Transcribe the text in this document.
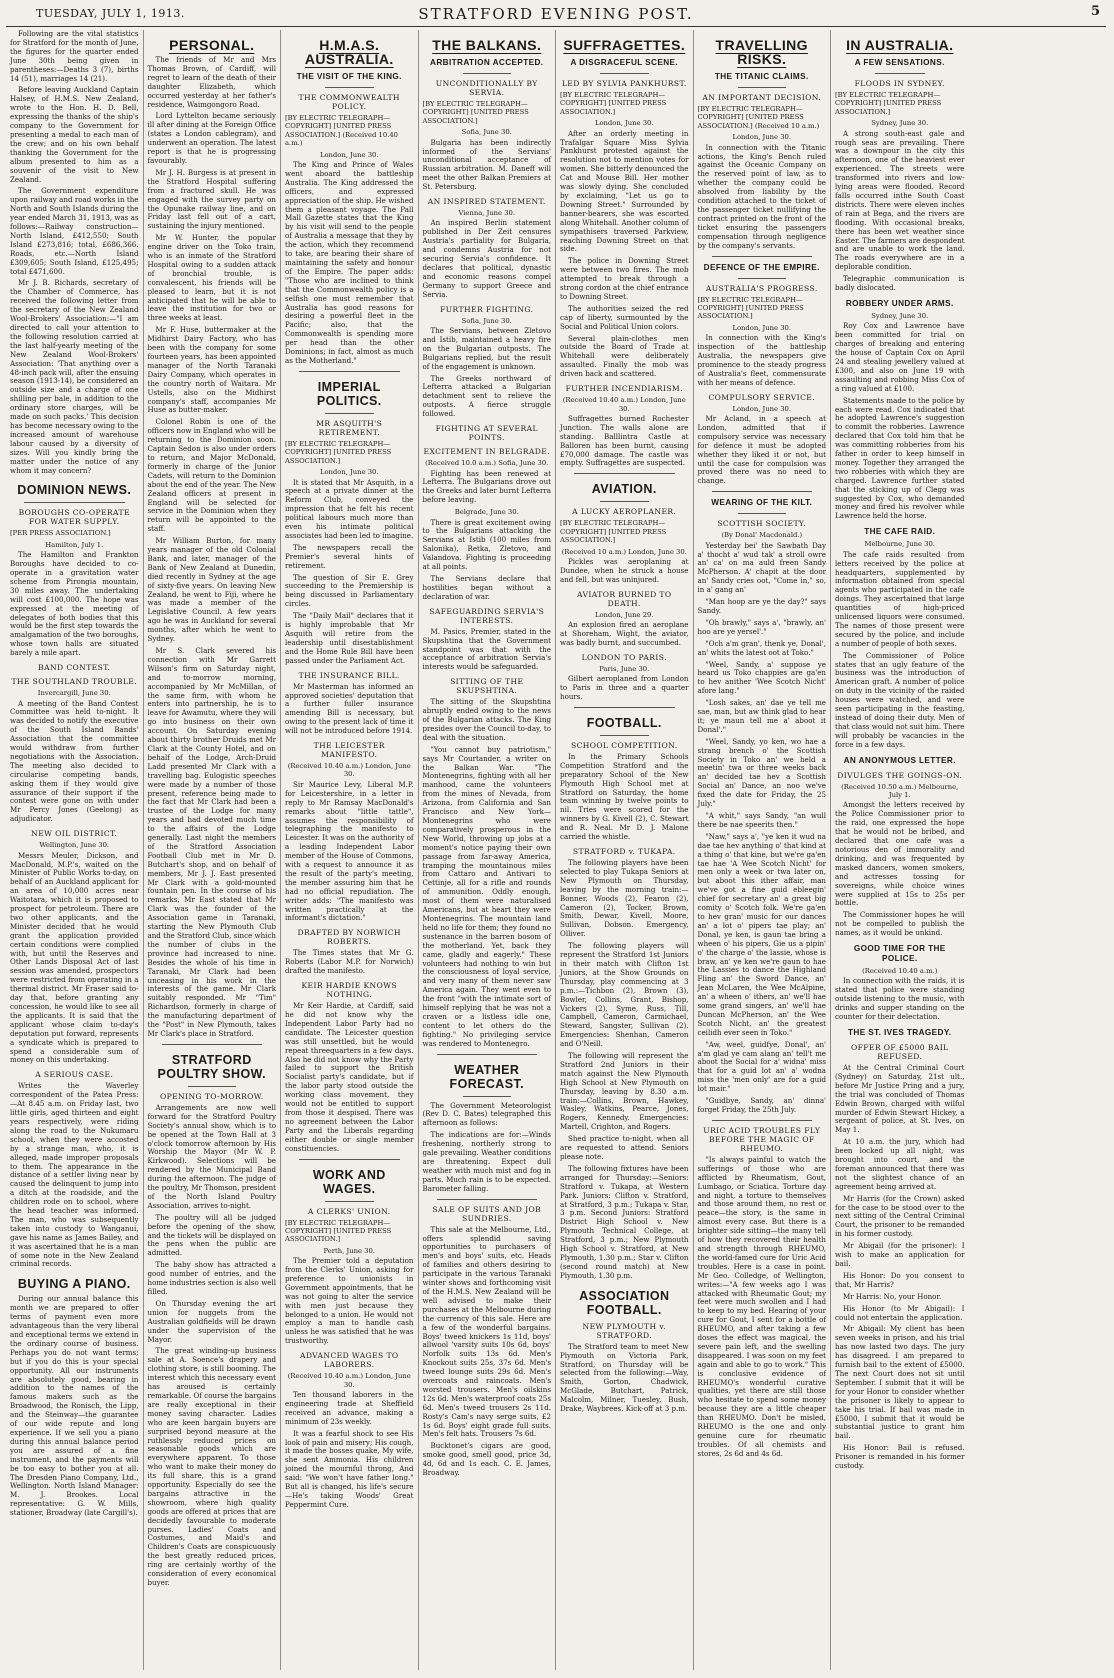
TUESDAY, JULY 1, 1913.	STRATFORD EVENING POST.	5

Following are the vital statistics for Stratford for the month of June, the figures for the quarter ended June 30th being given in parentheses:—Deaths 3 (7), births 14 (51), marriages 14 (21).

Before leaving Auckland Captain Halsey, of H.M.S. New Zealand, wrote to the Hon. H. D. Bell, expressing the thanks of the ship's company to the Government for presenting a medal to each man of the crew; and on his own behalf thanking the Government for the album presented to him as a souvenir of the visit to New Zealand.

The Government expenditure upon railway and road works in the North and South Islands during the year ended March 31, 1913, was as follows:—Railway construction—North Island, £412,550; South Island £273,816; total, £686,366. Roads, etc.—North Island £309,605; South Island, £125,495; total £471,600.

Mr J. B. Richards, secretary of the Chamber of Commerce, has received the following letter from the secretary of the New Zealand Wool-Brokers' Association:—"I am directed to call your attention to the following resolution carried at the last half-yearly meeting of the New Zealand Wool-Brokers' Association: 'That anything over a 48-inch pack will, after the ensuing season (1913-14), be considered an outside size and a charge of one shilling per bale, in addition to the ordinary store charges, will be made on such packs.' This decision has become necessary owing to the increased amount of warehouse labour caused by a diversity of sizes. Will you kindly bring the matter under the notice of any whom it may concern?

DOMINION NEWS.
BOROUGHS CO-OPERATE FOR WATER SUPPLY.
[PER PRESS ASSOCIATION.]
Hamilton, July 1.

The Hamilton and Frankton Boroughs have decided to co-operate in a gravitation water scheme from Pirongia mountain, 30 miles away. The undertaking will cost £100,000. The hope was expressed at the meeting of delegates of both bodies that this would be the first step towards the amalgamation of the two boroughs, whose town halls are situated barely a mile apart.

BAND CONTEST.
THE SOUTHLAND TROUBLE.
Invercargill, June 30.

A meeting of the Band Contest Committee was held to-night. It was decided to notify the executive of the South Island Bands' Association that the committee would withdraw from further negotiations with the Association. The meeting also decided to circularise competing bands, asking them if they would give assurance of their support if the contest were gone on with under Mr Percy Jones (Geelong) as adjudicator.

NEW OIL DISTRICT.
Wellington, June 30.

Messrs Meuler, Dickson, and MacDonald, M.P.'s, waited on the Minister of Public Works to-day, on behalf of an Auckland applicant for an area of 10,000 acres near Waitotara, which it is proposed to prospect for petroleum. There are two other applicants, and the Minister decided that he would grant the application provided certain conditions were complied with, but until the Reserves and Other Lands Disposal Act of last session was amended, prospectors were restricted from operating in a thermal district. Mr Fraser said to-day that, before granting any concession, he would like to see all the applicants. It is said that the applicant whose claim to-day's deputation put forward, represents a syndicate which is prepared to spend a considerable sum of money on this undertaking.

A SERIOUS CASE.

Writes the Waverley correspondent of the Patea Press:—At 8.45 a.m. on Friday last, two little girls, aged thirteen and eight years respectively, were riding along the road to the Nukumaru school, when they were accosted by a strange man, who, it is alleged, made improper proposals to them. The appearance in the distance of a settler living near by caused the delinquent to jump into a ditch at the roadside, and the children rode on to school, where the head teacher was informed. The man, who was subsequently taken into custody to Wanganui, gave his name as James Bailey, and it was ascertained that he is a man of some note in the New Zealand criminal records.

BUYING A PIANO.

During our annual balance this month we are prepared to offer terms of payment even more advantageous than the very liberal and exceptional terms we extend in the ordinary course of business. Perhaps you do not want terms; but if you do this is your special opportunity. All our instruments are absolutely good, bearing in addition to the names of the famous makers such as the Broadwood, the Ronisch, the Lipp, and the Steinway—the guarantee of our wide repute and long experience. If we sell you a piano during this annual balance period you are assured of a fine instrument, and the payments will be too easy to bother you at all. The Dresden Piano Company, Ltd., Wellington. North Island Manager: M. J. Brookes. Local representative: G. W. Mills, stationer, Broadway (late Cargill's).

PERSONAL.

The friends of Mr and Mrs Thomas Brown, of Cardiff, will regret to learn of the death of their daughter Elizabeth, which occurred yesterday at her father's residence, Waimgongoro Road.

Lord Lyttelton became seriously ill after dining at the Foreign Office (states a London cablegram), and underwent an operation. The latest report is that he is progressing favourably.

Mr J. H. Burgess is at present in the Stratford Hospital suffering from a fractured skull. He was engaged with the survey party on the Opunake railway line, and on Friday last fell out of a cart, sustaining the injury mentioned.

Mr W. Hunter, the popular engine driver on the Toko train, who is an inmate of the Stratford Hospital owing to a sudden attack of bronchial trouble, is convalescent, his friends will be pleased to learn, but it is not anticipated that he will be able to leave the institution for two or three weeks at least.

Mr F. Huse, buttermaker at the Midhirst Dairy Factory, who has been with the company for some fourteen years, has been appointed manager of the North Taranaki Dairy Company, which operates in the country north of Waitara. Mr Ustells, also on the Midhirst company's staff, accompanies Mr Huse as butter-maker.

Colonel Robin is one of the officers now in England who will be returning to the Dominion soon. Captain Sedon is also under orders to return, and Major McDonald, formerly in charge of the Junior Cadets, will return to the Dominion about the end of the year. The New Zealand officers at present in England will be selected for service in the Dominion when they return will be appointed to the staff.

Mr William Burton, for many years manager of the old Colonial Bank, and later, manager of the Bank of New Zealand at Dunedin, died recently in Sydney at the age of sixty-five years. On leaving New Zealand, he went to Fiji, where he was made a member of the Legislative Council. A few years ago he was in Auckland for several months, after which he went to Sydney.

Mr S. Clark severed his connection with Mr Garrett Wilson's firm on Saturday night, and to-morrow morning, accompanied by Mr McMillan, of the same firm, with whom he enters into partnership, he is to leave for Awamutu, where they will go into business on their own account. On Saturday evening about thirty brother Druids met Mr Clark at the County Hotel, and on behalf of the Lodge, Arch-Druid Ladd presented Mr Clark with a travelling bag. Eulogistic speeches were made by a number of those present, reference being made to the fact that Mr Clark had been a trustee of the Lodge for many years and had devoted much time to the affairs of the Lodge generally. Last night the members of the Stratford Association Football Club met in Mr D. Butchart's shop, and on behalf of members, Mr J. J. East presented Mr Clark with a gold-mounted fountain pen. In the course of his remarks, Mr East stated that Mr Clark was the founder of the Association game in Taranaki, starting the New Plymouth Club and the Stratford Club, since which the number of clubs in the province had increased to nine. Besides the whole of his time in Taranaki, Mr Clark had been unceasing in his work in the interests of the game. Mr Clark suitably responded. Mr "Tim" Richardson, formerly in charge of the manufacturing department of the "Post" in New Plymouth, takes Mr Clark's place in Stratford.

STRATFORD POULTRY SHOW.
OPENING TO-MORROW.

Arrangements are now well forward for the Stratford Poultry Society's annual show, which is to be opened at the Town Hall at 3 o'clock tomorrow afternoon by His Worship the Mayor (Mr W. P. Kirkwood). Selections will be rendered by the Municipal Band during the afternoon. The judge of the poultry, Mr Thomson, president of the North Island Poultry Association, arrives to-night.

The poultry will all be judged before the opening of the show, and the tickets will be displayed on the pens when the public are admitted.

The baby show has attracted a good number of entries, and the home industries section is also well filled.

On Thursday evening the art union for nuggets from the Australian goldfields will be drawn under the supervision of the Mayor.

The great winding-up business sale at A. Soence's drapery and clothing store, is still booming. The interest which this necessary event has aroused is certainly remarkable. Of course the bargains are really exceptional in their money saving character. Ladies who are keen bargain buyers are surprised beyond measure at the ruthlessly reduced prices on seasonable goods which are everywhere apparent. To those who want to make their money do its full share, this is a grand opportunity. Especially do see the bargains attractive in the showroom, where high quality goods are offered at prices that are decidedly favourable to moderate purses. Ladies' Coats and Costumes, and Maid's and Children's Coats are conspicuously the best greatly reduced prices, ring are certainly worthy of the consideration of every economical buyer.

H.M.A.S. AUSTRALIA.
THE VISIT OF THE KING.
THE COMMONWEALTH POLICY.
[BY ELECTRIC TELEGRAPH—COPYRIGHT] [UNITED PRESS ASSOCIATION.] (Received 10.40 a.m.)
London, June 30.

The King and Prince of Wales went aboard the battleship Australia. The King addressed the officers, and expressed appreciation of the ship. He wished them a pleasant voyage. The Pall Mall Gazette states that the King by his visit will send to the people of Australia a message that they by the action, which they recommend to take, are bearing their share of maintaining the safety and honour of the Empire. The paper adds: "Those who are inclined to think that the Commonwealth policy is a selfish one must remember that Australia has good reasons for desiring a powerful fleet in the Pacific; also, that the Commonwealth is spending more per head than the other Dominions; in fact, almost as much as the Motherland."

IMPERIAL POLITICS.
MR ASQUITH'S RETIREMENT.
[BY ELECTRIC TELEGRAPH—COPYRIGHT] [UNITED PRESS ASSOCIATION.]
London, June 30.

It is stated that Mr Asquith, in a speech at a private dinner at the Reform Club, conveyed the impression that he felt his recent political labours much more than even his intimate political associates had been led to imagine.

The newspapers recall the Premier's several hints of retirement.

The question of Sir E. Grey succeeding to the Premiership is being discussed in Parliamentary circles.

The "Daily Mail" declares that it is highly improbable that Mr Asquith will retire from the leadership until disestablishment and the Home Rule Bill have been passed under the Parliament Act.

THE INSURANCE BILL.

Mr Masterman has informed an approved societies' deputation that a further fuller insurance amending Bill is necessary, but owing to the present lack of time it will not be introduced before 1914.

THE LEICESTER MANIFESTO.
(Received 10.40 a.m.) London, June 30.

Sir Maurice Levy, Liberal M.P. for Leicestershire, in a letter in reply to Mr Ramsay MacDonald's remarks about "little tattle", assumes the responsibility of telegraphing the manifesto to Leicester. It was on the authority of a leading Independent Labor member of the House of Commons, with a request to announce it as the result of the party's meeting, the member assuring him that he had no official repudiation. The writer adds: "The manifesto was written practically at the informant's dictation."

DRAFTED BY NORWICH ROBERTS.

The Times states that Mr G. Roberts (Labor M.P. for Norwich) drafted the manifesto.

KEIR HARDIE KNOWS NOTHING.

Mr Keir Hardie, at Cardiff, said he did not know why the Independent Labor Party had no candidate. The Leicester question was still unsettled, but he would repeat threequarters in a few days. Also he did not know why the Party failed to support the British Socialist party's candidate, but if the labor party stood outside the working class movement, they would not be entitled to support from those it despised. There was no agreement between the Labor Party and the Liberals regarding either double or single member constituencies.

WORK AND WAGES.
A CLERKS' UNION.
[BY ELECTRIC TELEGRAPH—COPYRIGHT] [UNITED PRESS ASSOCIATION.]
Perth, June 30.

The Premier told a deputation from the Clerks' Union, asking for preference to unionists in Government appointments, that he was not going to alter the service with men just because they belonged to a union. He would not employ a man to handle cash unless he was satisfied that he was trustworthy.

ADVANCED WAGES TO LABORERS.
(Received 10.40 a.m.) London, June 30.

Ten thousand laborers in the engineering trade at Sheffield received an advance, making a minimum of 23s weekly.

It was a fearful shock to see His look of pain and misery; His cough, it made the bosses quake, My wife, she sent Ammonia. His children joined the mournful throng, And said: "We won't have father long." But all is changed, his life's secure—He's taking Woods' Great Peppermint Cure.

THE BALKANS.
ARBITRATION ACCEPTED.
UNCONDITIONALLY BY SERVIA.
[BY ELECTRIC TELEGRAPH—COPYRIGHT] [UNITED PRESS ASSOCIATION.]
Sofia, June 30.

Bulgaria has been indirectly informed of the Servians' unconditional acceptance of Russian arbitration. M. Daneff will meet the other Balkan Premiers at St. Petersburg.

AN INSPIRED STATEMENT.
Vienna, June 30.

An inspired Berlin statement published in Der Zeit censures Austria's partiality for Bulgaria, and condemns Austria for not securing Servia's confidence. It declares that political, dynastic and economic reasons compel Germany to support Greece and Servia.

FURTHER FIGHTING.
Sofia, June 30.

The Servians, between Zletovo and Istib, maintained a heavy fire on the Bulgarian outposts. The Bulgarians replied, but the result of the engagement is unknown.

The Greeks northward of Lefterra attacked a Bulgarian detachment sent to relieve the outposts. A fierce struggle followed.

FIGHTING AT SEVERAL POINTS.
EXCITEMENT IN BELGRADE.
(Received 10.0 a.m.) Sofia, June 30.

Fighting has been renewed at Lefterra. The Bulgarians drove out the Greeks and later burnt Lefterra before leaving.

Belgrade, June 30.

There is great excitement owing to the Bulgarians attacking the Servians at Istib (100 miles from Salonika), Retka, Zletovo, and Valandova. Fighting is proceeding at all points.

The Servians declare that hostilities began without a declaration of war.

SAFEGUARDING SERVIA'S INTERESTS.

M. Pasics, Premier, stated in the Skupshtina that the Government standpoint was that with the acceptance of arbitration Servia's interests would be safeguarded.

SITTING OF THE SKUPSHTINA.

The sitting of the Skupshtina abruptly ended owing to the news of the Bulgarian attacks. The King presides over the Council to-day, to deal with the situation.

"You cannot buy patriotism," says Mr Courtander, a writer on the Balkan War. "The Montenegrins, fighting with all her manhood, came the volunteers from the mines of Nevada, from Arizona, from California and San Francisco and New York—Montenegrins who were comparatively prosperous in the New World, throwing up jobs at a moment's notice paying their own passage from far-away America, tramping the mountainous miles from Cattaro and Antivari to Cettinje, all for a rifle and rounds of ammunition. Oddly enough, most of them were naturalised Americans, but at heart they were Montenegrins. The mountain land held no life for them; they found no sustenance in the barren bosom of the motherland. Yet, back they came, gladly and eagerly." These volunteers had nothing to win but the consciousness of loyal service, and very many of them never saw America again. They went even to the front "with the intimate sort of himself replying that he was not a craven or a listless idle one, content to let others do the fighting." No privileging service was rendered to Montenegro.

WEATHER FORECAST.

The Government Meteorologist (Rev D. C. Bates) telegraphed this afternoon as follows:

The indications are for:—Winds freshening, northerly strong to gale prevailing. Weather conditions are threatening. Expect dull weather with much mist and fog in parts. Much rain is to be expected. Barometer falling.

SALE OF SUITS AND JOB SUNDRIES.

This sale at the Melbourne, Ltd., offers splendid saving opportunities to purchasers of men's and boys' suits, etc. Heads of families and others desiring to participate in the various Taranaki winter shows and forthcoming visit of the H.M.S. New Zealand will be well advised to make their purchases at the Melbourne during the currency of this sale. Here are a few of the wonderful bargains. Boys' tweed knickers 1s 11d, boys' allwool 'varsity suits 10s 6d, boys' Norfolk suits 13s 6d. Men's Knockout suits 25s, 37s 6d. Men's tweed lounge suits 29s 6d. Men's overcoats and raincoats. Men's worsted trousers. Men's oilskins 12s 6d. Men's waterproof coats 25s 6d. Men's tweed trousers 2s 11d. Rosty's Cam's navy serge suits, £2 1s 6d. Boys' eight grade full suits. Men's felt hats. Trousers 7s 6d.

Bucktonet's cigars are good, smoke good, smell good, price 3d, 4d, 6d and 1s each. C. E. James, Broadway.

SUFFRAGETTES.
A DISGRACEFUL SCENE.
LED BY SYLVIA PANKHURST.
[BY ELECTRIC TELEGRAPH—COPYRIGHT] [UNITED PRESS ASSOCIATION.]
London, June 30.

After an orderly meeting in Trafalgar Square Miss Sylvia Pankhurst protested against the resolution not to mention votes for women. She bitterly denounced the Cat and Mouse Bill. Her mother was slowly dying. She concluded by exclaiming, "Let us go to Downing Street." Surrounded by banner-bearers, she was escorted along Whitehall. Another column of sympathisers traversed Parkview, reaching Downing Street on that side.

The police in Downing Street were between two fires. The mob attempted to break through a strong cordon at the chief entrance to Downing Street.

The authorities seized the red cap of liberty, surmounted by the Social and Political Union colors.

Several plain-clothes men outside the Board of Trade at Whitehall were deliberately assaulted. Finally the mob was driven back and scattered.

FURTHER INCENDIARISM.
(Received 10.40 a.m.) London, June 30.

Suffragettes burned Rochester Junction. The walls alone are standing. Balllintra Castle at Balloren has been burnt, causing £70,000 damage. The castle was empty. Suffragettes are suspected.

AVIATION.
A LUCKY AEROPLANER.
[BY ELECTRIC TELEGRAPH—COPYRIGHT] [UNITED PRESS ASSOCIATION.]
(Received 10 a.m.) London, June 30.

Pickles was aeroplaning at Dundee, when he struck a house and fell, but was uninjured.

AVIATOR BURNED TO DEATH.
London, June 29.

An explosion fired an aeroplane at Shoreham, Wight, the aviator, was badly burnt, and succumbed.

LONDON TO PARIS.
Paris, June 30.

Gilbert aeroplaned from London to Paris in three and a quarter hours.

FOOTBALL.
SCHOOL COMPETITION.

In the Primary Schools Competition Stratford and the preparatory School of the New Plymouth High School met at Stratford on Saturday, the home team winning by twelve points to nil. Tries were scored for the winners by G. Kivell (2), C. Stewart and R. Neal. Mr D. J. Malone carried the whistle.

STRATFORD v. TUKAPA.

The following players have been selected to play Tukapa Seniors at New Plymouth on Thursday, leaving by the morning train:—Bonner, Woods (2), Fearon (2), Cameron (2), Tocker, Brown, Smith, Dewar, Kivell, Moore, Sullivan, Dobson. Emergency, Olliver.

The following players will represent the Stratford 1st Juniors in their match with Clifton 1st Juniors, at the Show Grounds on Thursday, play commencing at 3 p.m.:—Tichbon (2), Brown (3), Bowler, Collins, Grant, Bishop, Vickers (2), Syme, Russ, Till, Campbell, Cameron, Carmichael, Steward, Sangster, Sullivan (2). Emergencies: Shenhan, Cameron and O'Neill.

The following will represent the Stratford 2nd Juniors in their match against the New Plymouth High School at New Plymouth on Thursday, leaving by 8.30 a.m. train:—Collins, Brown, Hawkey, Wasley, Watkins, Pearce, Jones, Rogers, Kennedy. Emergencies: Martell, Crighton, and Rogers.

Shed practice to-night, when all are requested to attend. Seniors please note.

The following fixtures have been arranged for Thursday:—Seniors: Stratford v. Tukapa, at Western Park. Juniors: Clifton v. Stratford, at Stratford, 3 p.m.; Tukapa v. Star, 3 p.m. Second Juniors: Stratford District High School v. New Plymouth Technical College, at Stratford, 3 p.m.; New Plymouth High School v. Stratford, at New Plymouth, 1.30 p.m.; Star v. Clifton (second round match) at New Plymouth, 1.30 p.m.

ASSOCIATION FOOTBALL.
NEW PLYMOUTH v. STRATFORD.

The Stratford team to meet New Plymouth on Victoria Park, Stratford, on Thursday will be selected from the following:—Way, Smith, Gorton, Chadwick, McGlade, Butchart, Patrick, Malcolm, Milner, Tuesley, Bush, Drake, Waybrees. Kick-off at 3 p.m.

TRAVELLING RISKS.
THE TITANIC CLAIMS.
AN IMPORTANT DECISION.
[BY ELECTRIC TELEGRAPH—COPYRIGHT] [UNITED PRESS ASSOCIATION.] (Received 10 a.m.)
London, June 30.

In connection with the Titanic actions, the King's Bench ruled against the Oceanic Company on the reserved point of law, as to whether the company could be absolved from liability by the condition attached to the ticket of the passenger ticket nullifying the contract printed on the front of the ticket ensuring the passengers compensation through negligence by the company's servants.

DEFENCE OF THE EMPIRE.
AUSTRALIA'S PROGRESS.
[BY ELECTRIC TELEGRAPH—COPYRIGHT] [UNITED PRESS ASSOCIATION.]
London, June 30.

In connection with the King's inspection of the battleship Australia, the newspapers give prominence to the steady progress of Australia's fleet, commensurate with her means of defence.

COMPULSORY SERVICE.
London, June 30.

Mr Acland, in a speech at London, admitted that if compulsory service was necessary for defence it must be adopted whether they liked it or not, but until the case for compulsion was proved there was no need to change.

WEARING OF THE KILT.
SCOTTISH SOCIETY.
(By Donal' Macdonald.)

Yesterday bei' the Sawbath Day a' thocht a' wud tak' a stroll owre an' ca' on ma auld freen Sandy McPherson. A' chapit at the door an' Sandy cries oot, "Come in," so, in a' gang an'

"Man hoop are ye the day?" says Sandy.

"Oh brawly," says a', "brawly, an' hoo are ye yersel'."

"Och a'm gran', thenk ye, Donal', an' whits the latest oot at Toko."

"Weel, Sandy, a' suppose ye heard us Toko chappies are ga'en to hev anither 'Wee Scotch Nicht' afore lang."

"Losh sakes, an' dae ye tell me sae, man, but aw think glad to hear it; ye maun tell me a' aboot it Donal'."

"Weel, Sandy, yo ken, wo hae a strang brench o' the Scottish Society in Toko an' we held a meetin' twa or three weeks back an' decided tae hev a Scottish Social an' Dance, an noo we've fixed the date for Friday, the 25 July."

"A whit," says Sandy, "an wull there be nae speerits then."

"Naw," says a', "ye ken it wud na dae tae hev anything o' that kind at a thing o' that kine, but we're ga'en tae hae 'A Wee Scotch Nicht' for men only a week or twa later on, but aboot this ither affair, man we've got a fine guid ebleegin' chief for secretary an' a great big comity o' Scotch folk. We're ga'en to hev gran' music for our dances an' a lot o' pipers tae play; an' Donal, ye ken, is gaun tae bring a wheen o' his pipers, Gie us a pipin' o' the charge o' the lassie, whose is braw, an' ye ken we're gaun to hae the Lassies to dance the Highland Fling an' the Sword Dance, an' Jean McLaren, the Wee McAlpine, an' a wheen o' ithers, an' we'll hae some grand singers, an' we'll hae Duncan McPherson, an' the Wee Scotch Nicht, an' the greatest ceilidh ever seen in Toko."

"Aw, weel, guidfye, Donal', an' a'm glad ye cam alang an' tell't me aboot the Social for a' widna' miss that for a guid lot an' a' wodna miss the 'men only' are for a guid lot mair."

"Guidbye, Sandy, an' dinna' forget Friday, the 25th July.

URIC ACID TROUBLES FLY BEFORE THE MAGIC OF RHEUMO.

"Is always painful to watch the sufferings of those who are afflicted by Rheumatism, Gout, Lumbago, or Sciatica. Torture day and night, a torture to themselves and those around them, no rest or peace—the story, is the same in almost every case. But there is a brighter side sitting—the many tell of how they recovered their health and strength through RHEUMO, the world-famed cure for Uric Acid troubles. Here is a case in point. Mr Geo. Colledge, of Wellington, writes:—"A few weeks ago I was attacked with Rheumatic Gout; my feet were much swollen and I had to keep to my bed. Hearing of your cure for Gout, I sent for a bottle of RHEUMO, and after taking a few doses the effect was magical, the severe pain left, and the swelling disappeared. I was soon on my feet again and able to go to work." This is conclusive evidence of RHEUMO's wonderful curative qualities, yet there are still those who hesitate to spend some money because they are a little cheaper than RHEUMO. Don't be misled, RHEUMO is the one and only genuine cure for rheumatic troubles. Of all chemists and stores, 2s 6d and 4s 6d.

IN AUSTRALIA.
A FEW SENSATIONS.
FLOODS IN SYDNEY.
[BY ELECTRIC TELEGRAPH—COPYRIGHT] [UNITED PRESS ASSOCIATION.]
Sydney, June 30.

A strong south-east gale and rough seas are prevailing. There was a downpour in the city this afternoon, one of the heaviest ever experienced. The streets were transformed into rivers and low-lying areas were flooded. Record falls occurred inthe South Coast districts. There were eleven inches of rain at Bega, and the rivers are flooding. With occasional breaks, there has been wet weather since Easter. The farmers are despondent and are unable to work the land. The roads everywhere are in a deplorable condition.

Telegraphic communication is badly dislocated.

ROBBERY UNDER ARMS.
Sydney, June 30.

Roy Cox and Lawrence have been committed for trial on charges of breaking and entering the house of Captain Cox on April 24 and stealing jewellery valued at £300, and also on June 19 with assaulting and robbing Miss Cox of a ring valued at £100.

Statements made to the police by each were read. Cox indicated that he adopted Lawrence's suggestion to commit the robberies. Lawrence declared that Cox told him that he was committing robberies from his father in order to keep himself in money. Together they arranged the two robberies with which they are charged. Lawrence further stated that the sticking up of Clegg was suggested by Cox, who demanded money and fired his revolver while Lawrence held the horse.

THE CAFE RAID.
Melbourne, June 30.

The cafe raids resulted from letters received by the police at headquarters, supplemented by information obtained from special agents who participated in the cafe doings. They ascertained that large quantities of high-priced unlicensed liquors were consumed. The names of those present were secured by the police, and include a number of people of both sexes.

The Commissioner of Police states that an ugly feature of the business was the introduction of American graft. A number of police on duty in the vicinity of the raided houses were watched, and were seen participating in the feasting, instead of doing their duty. Men of that class would not suit him. There will probably be vacancies in the force in a few days.

AN ANONYMOUS LETTER.
DIVULGES THE GOINGS-ON.
(Received 10.50 a.m.) Melbourne, July 1.

Amongst the letters received by the Police Commissioner prior to the raid, one expressed the hope that he would not be bribed, and declared that one cafe was a notorious den of immorality and drinking, and was frequented by masked dancers, women smokers, and actresses tossing for sovereigns, while choice wines were supplied at 15s to 25s per bottle.

The Commissioner hopes he will not be compelled to publish the names, as it would be unkind.

GOOD TIME FOR THE POLICE.
(Received 10.40 a.m.)

In connection with the raids, it is stated that police were standing outside listening to the music, with drinks and supper standing on the counter for their delectation.

THE ST. IVES TRAGEDY.
OFFER OF £5000 BAIL REFUSED.

At the Central Criminal Court (Sydney) on Saturday, 21st ult., before Mr Justice Pring and a jury, the trial was concluded of Thomas Edwin Brown, charged with wilful murder of Edwin Stewart Hickey, a sergeant of police, at St. Ives, on May 1.

At 10 a.m. the jury, which had been locked up all night, was brought into court, and the foreman announced that there was not the slightest chance of an agreement being arrived at.

Mr Harris (for the Crown) asked for the case to be stood over to the next sitting of the Central Criminal Court, the prisoner to be remanded in his former custody.

Mr Abigail (for the prisoner): I wish to make an application for bail.

His Honor: Do you consent to that, Mr Harris?

Mr Harris: No, your Honor.

His Honor (to Mr Abigail): I could not entertain the application.

Mr Abigail: My client has been seven weeks in prison, and his trial has now lasted two days. The jury has disagreed. I am prepared to furnish bail to the extent of £5000. The next Court does not sit until September. I submit that it will be for your Honor to consider whether the prisoner is likely to appear to take his trial. If bail was made in £5000, I submit that it would be substantial justice to grant him bail.

His Honor: Bail is refused. Prisoner is remanded in his former custody.
